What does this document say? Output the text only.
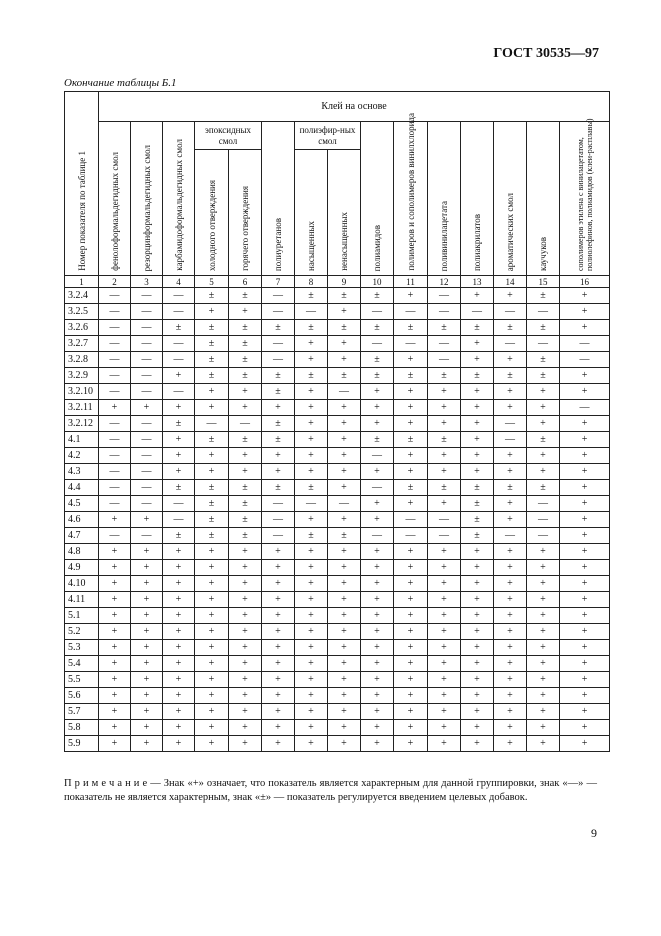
ГОСТ 30535—97
Окончание таблицы Б.1
Номер показателя по таблице 1	Клей на основе														

	фенолоформальдегидных смол	резорцинформальдегидных смол	карбамидоформальдегидных смол	эпоксидных смол		полиуретанов	полиэфир-ных смол		полиамидов	полимеров и сополимеров винилхлорида	поливинилацетата	полиакрилатов	ароматических смол	каучуков	сополимеров этилена с винилацетатом, полиолефинов, полиамидов (клеи-расплавы)

				холодного отверждения	горячего отверждения		насыщенных	ненасыщенных							

1	2	3	4	5	6	7	8	9	10	11	12	13	14	15	16
3.2.4	—	—	—	±	±	—	±	±	±	+	—	+	+	±	+
3.2.5	—	—	—	+	+	—	—	+	—	—	—	—	—	—	+
3.2.6	—	—	±	±	±	±	±	±	±	±	±	±	±	±	+
3.2.7	—	—	—	±	±	—	+	+	—	—	—	+	—	—	—
3.2.8	—	—	—	±	±	—	+	+	±	+	—	+	+	±	—
3.2.9	—	—	+	±	±	±	±	±	±	±	±	±	±	±	+
3.2.10	—	—	—	+	+	±	+	—	+	+	+	+	+	+	+
3.2.11	+	+	+	+	+	+	+	+	+	+	+	+	+	+	—
3.2.12	—	—	±	—	—	±	+	+	+	+	+	+	—	+	+
4.1	—	—	+	±	±	±	+	+	±	±	±	+	—	±	+
4.2	—	—	+	+	+	+	+	+	—	+	+	+	+	+	+
4.3	—	—	+	+	+	+	+	+	+	+	+	+	+	+	+
4.4	—	—	±	±	±	±	±	+	—	±	±	±	±	±	+
4.5	—	—	—	±	±	—	—	—	+	+	+	±	+	—	+
4.6	+	+	—	±	±	—	+	+	+	—	—	±	+	—	+
4.7	—	—	±	±	±	—	±	±	—	—	—	±	—	—	+
4.8	+	+	+	+	+	+	+	+	+	+	+	+	+	+	+
4.9	+	+	+	+	+	+	+	+	+	+	+	+	+	+	+
4.10	+	+	+	+	+	+	+	+	+	+	+	+	+	+	+
4.11	+	+	+	+	+	+	+	+	+	+	+	+	+	+	+
5.1	+	+	+	+	+	+	+	+	+	+	+	+	+	+	+
5.2	+	+	+	+	+	+	+	+	+	+	+	+	+	+	+
5.3	+	+	+	+	+	+	+	+	+	+	+	+	+	+	+
5.4	+	+	+	+	+	+	+	+	+	+	+	+	+	+	+
5.5	+	+	+	+	+	+	+	+	+	+	+	+	+	+	+
5.6	+	+	+	+	+	+	+	+	+	+	+	+	+	+	+
5.7	+	+	+	+	+	+	+	+	+	+	+	+	+	+	+
5.8	+	+	+	+	+	+	+	+	+	+	+	+	+	+	+
5.9	+	+	+	+	+	+	+	+	+	+	+	+	+	+	+
П р и м е ч а н и е — Знак «+» означает, что показатель является характерным для данной группировки, знак «—» — показатель не является характерным, знак «±» — показатель регулируется введением целевых добавок.
9
